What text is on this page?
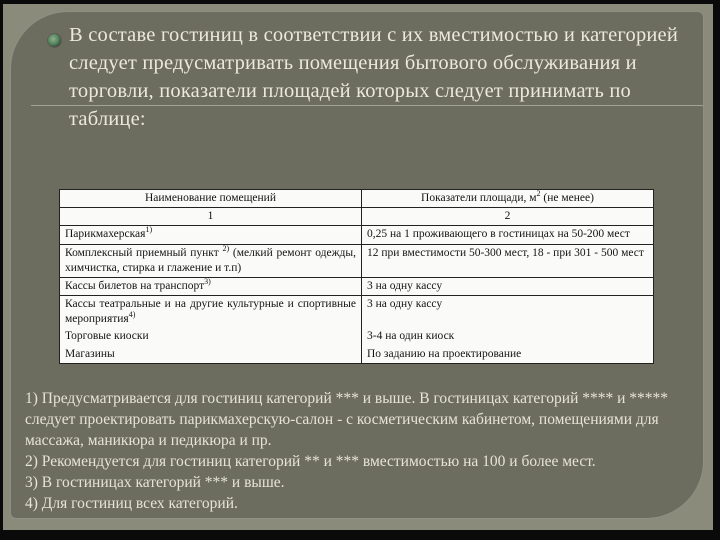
В составе гостиниц в соответствии с их вместимостью и категорией следует предусматривать помещения бытового обслуживания и торговли, показатели площадей которых следует принимать по таблице:
Наименование помещений	Показатели площади, $м^2$ (не менее)
1	2
Парикмахерская$^{1)}$	0,25 на 1 проживающего в гостиницах на 50-200 мест
Комплексный приемный пункт $^{2)}$ (мелкий ремонт одежды, химчистка, стирка и глажение и т.п)	12 при вместимости 50-300 мест, 18 - при 301 - 500 мест
Кассы билетов на транспорт$^{3)}$	3 на одну кассу
Кассы театральные и на другие культурные и спортивные мероприятия$^{4)}$	3 на одну кассу
Торговые киоски	3-4 на один киоск
Магазины	По заданию на проектирование

1) Предусматривается для гостиниц категорий *** и выше. В гостиницах категорий **** и ***** следует проектировать парикмахерскую-салон - с косметическим кабинетом, помещениями для массажа, маникюра и педикюра и пр.

2) Рекомендуется для гостиниц категорий ** и *** вместимостью на 100 и более мест.

3) В гостиницах категорий *** и выше.

4) Для гостиниц всех категорий.
